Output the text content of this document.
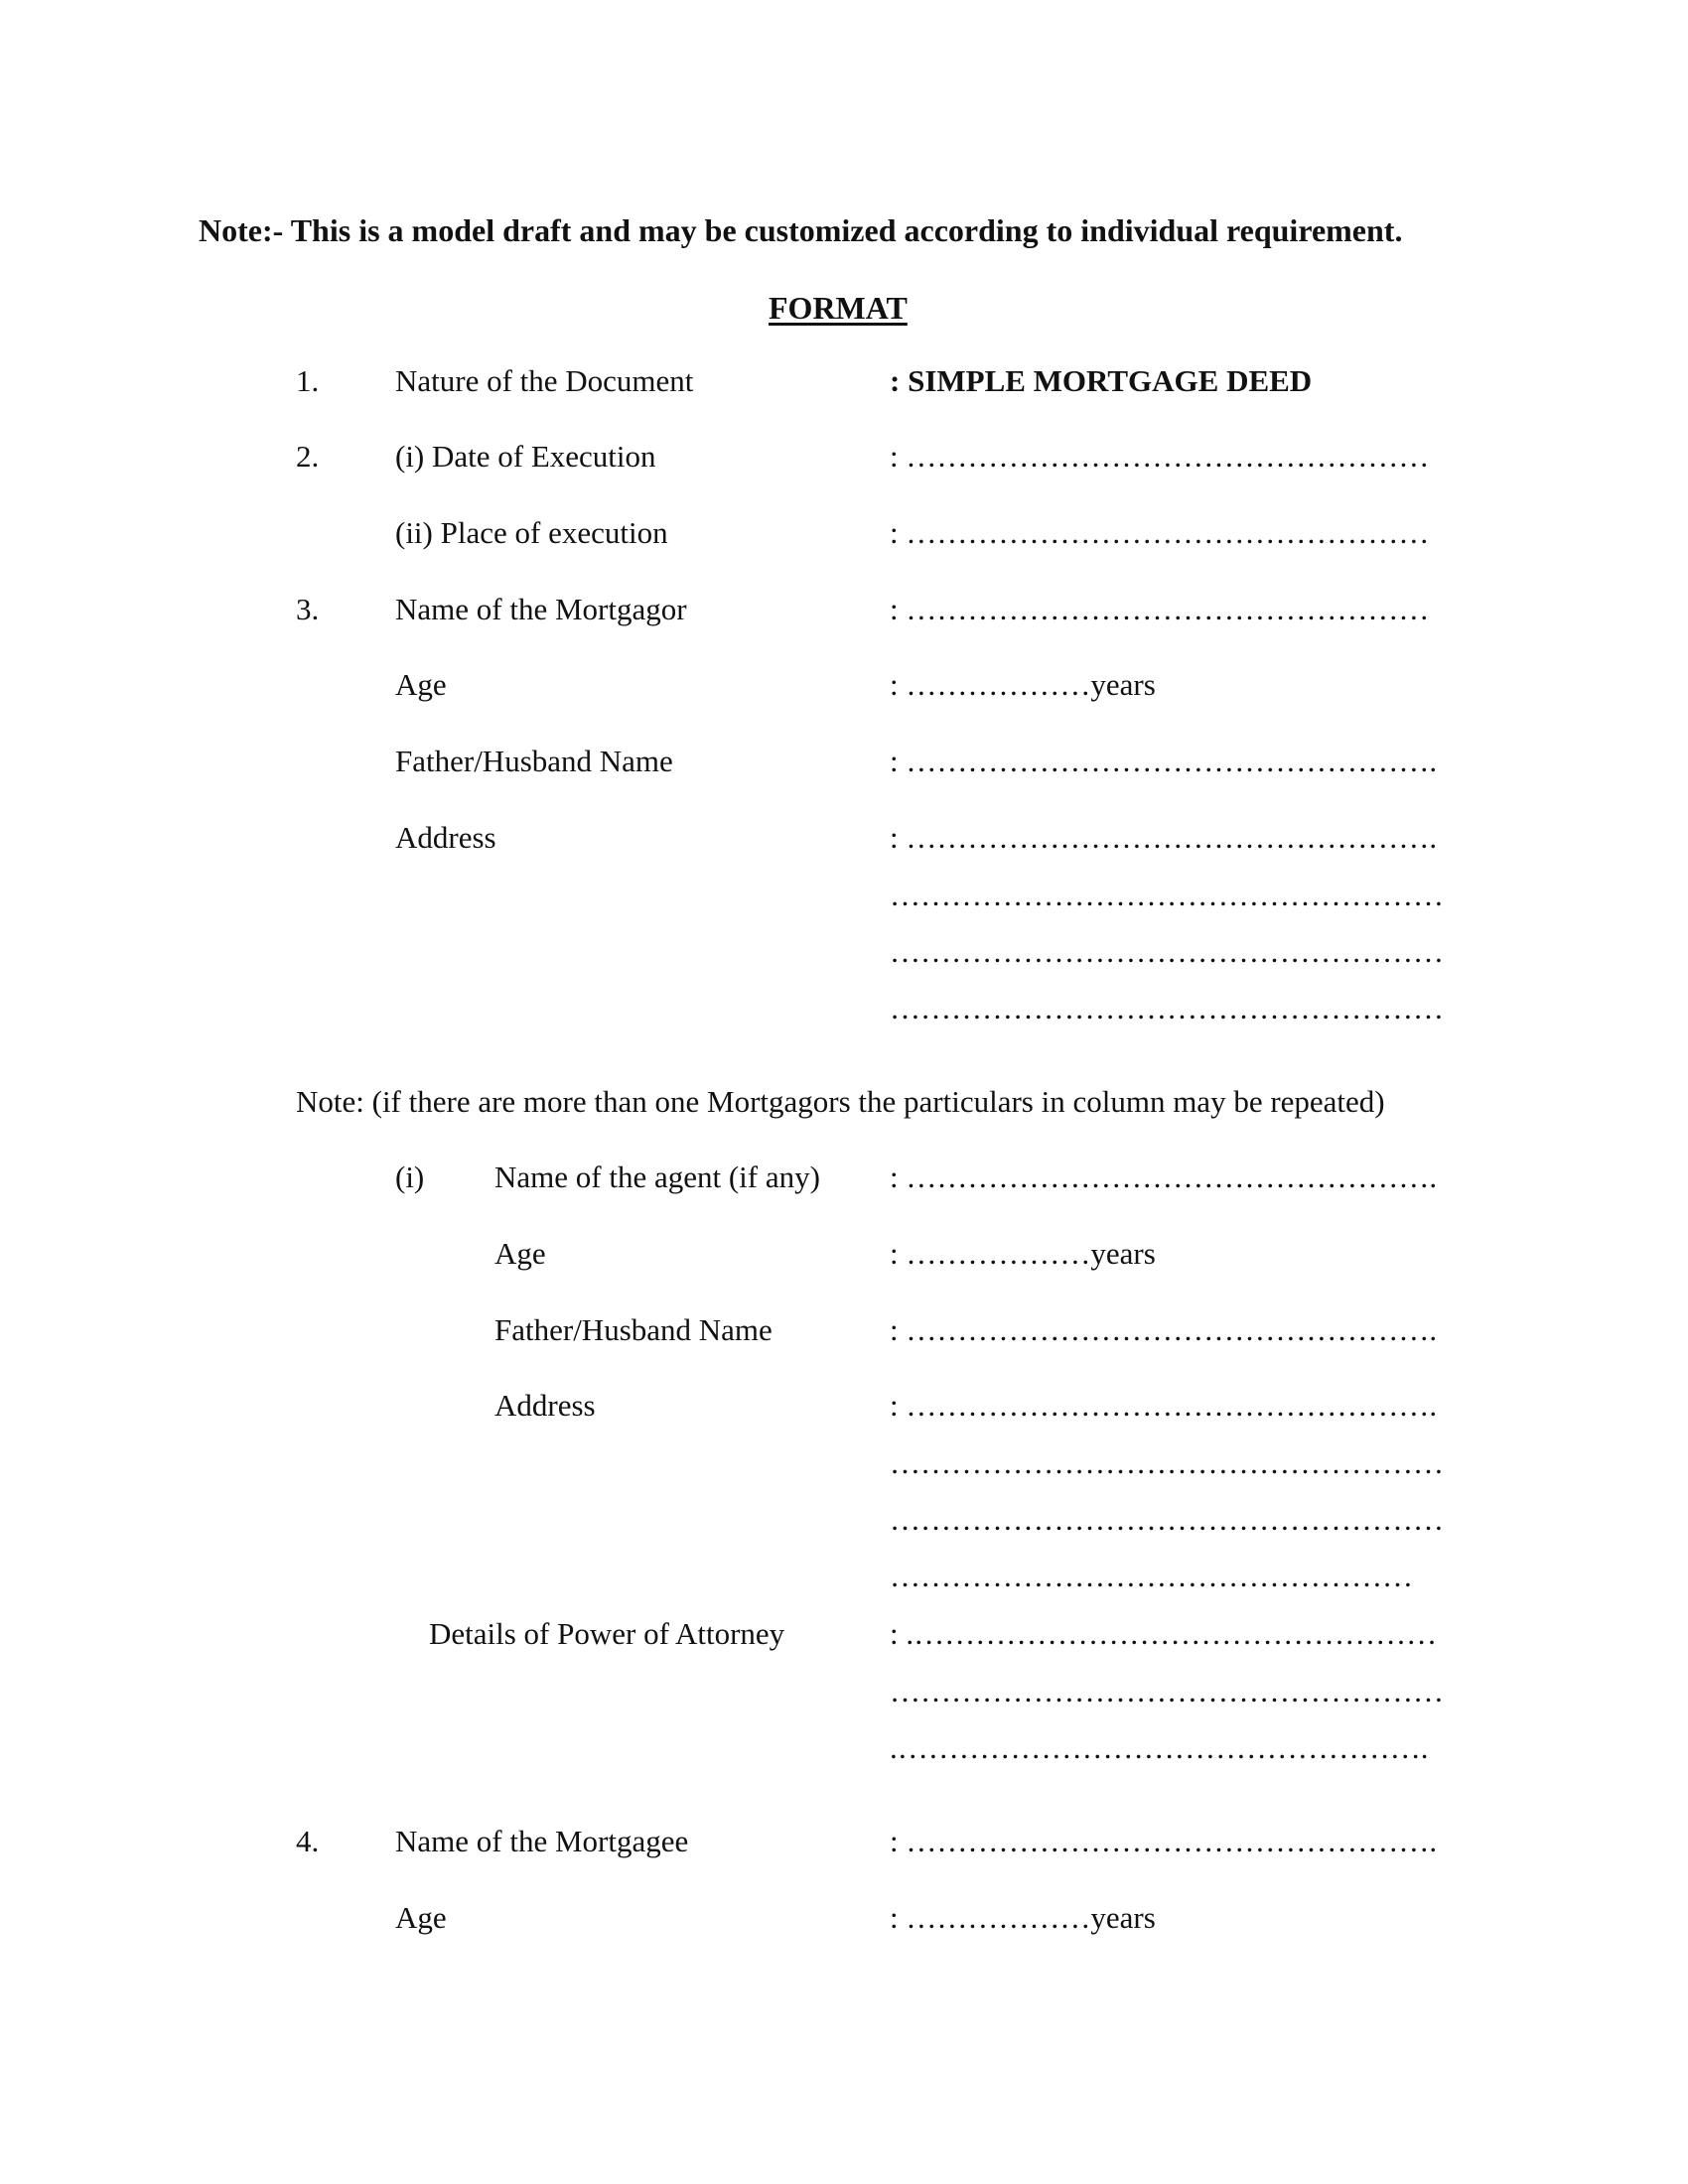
Note:- This is a model draft and may be customized according to individual requirement.
FORMAT
1. Nature of the Document	: SIMPLE MORTGAGE DEED
2. (i) Date of Execution	: ……………………………………………
(ii) Place of execution	: ……………………………………………
3. Name of the Mortgagor	: ……………………………………………
Age	: ………………years
Father/Husband Name	: …………………………………………….
Address	: …………………………………………….
………………………………………………
………………………………………………
………………………………………………
Note: (if there are more than one Mortgagors the particulars in column may be repeated)
(i) Name of the agent (if any) : …………………………………………….
Age	: ………………years
Father/Husband Name	: …………………………………………….
Address	: …………………………………………….
………………………………………………
………………………………………………
……………………………………………
Details of Power of Attorney	: .……………………………………………
………………………………………………
.…………………………………………….
4. Name of the Mortgagee	: …………………………………………….
Age	: ………………years
